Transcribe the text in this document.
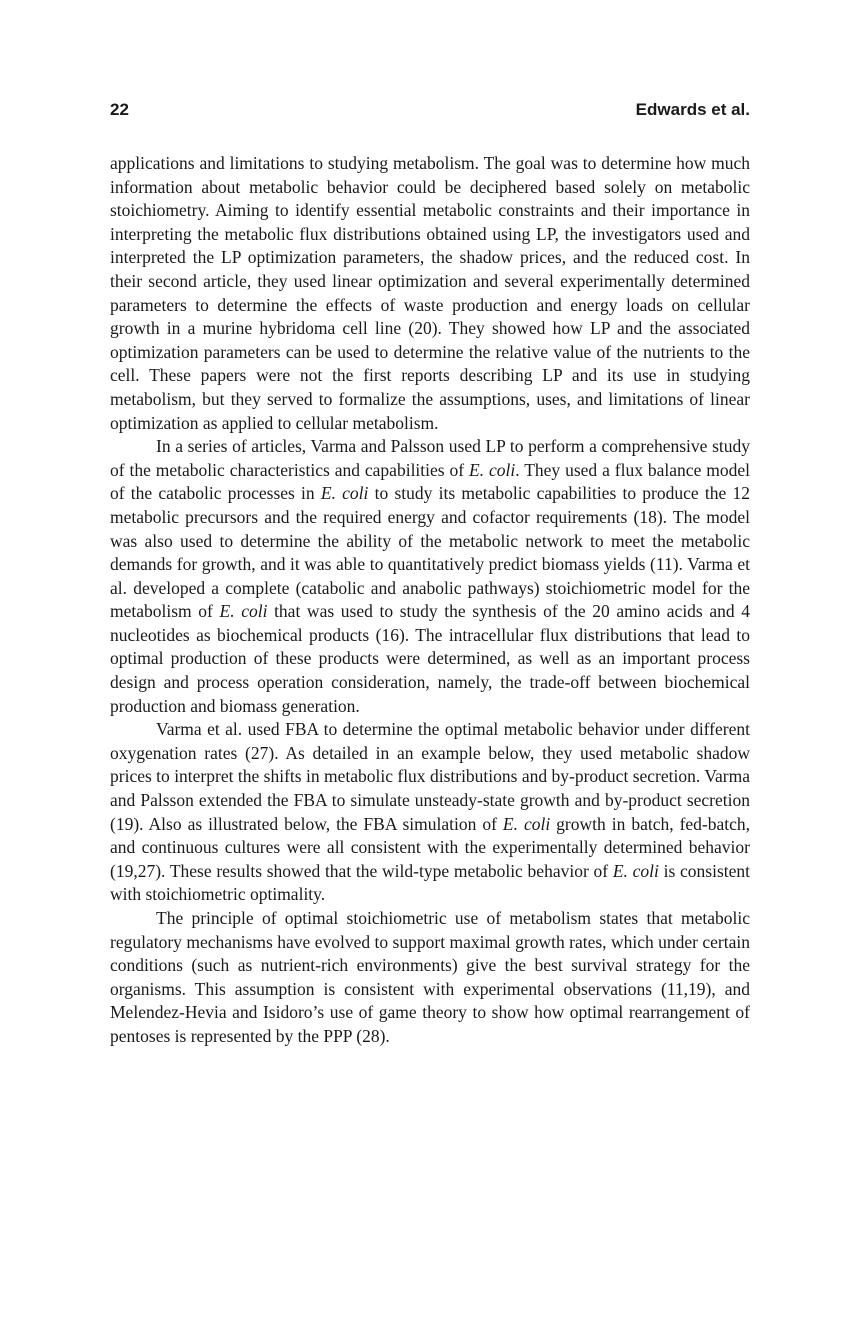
22	Edwards et al.

applications and limitations to studying metabolism. The goal was to determine how much information about metabolic behavior could be deciphered based solely on metabolic stoichiometry. Aiming to identify essential metabolic constraints and their importance in interpreting the metabolic flux distributions obtained using LP, the investigators used and interpreted the LP optimization parameters, the shadow prices, and the reduced cost. In their second article, they used linear optimization and several experimentally determined parameters to determine the effects of waste production and energy loads on cellular growth in a murine hybridoma cell line (20). They showed how LP and the associated optimization parameters can be used to determine the relative value of the nutrients to the cell. These papers were not the first reports describing LP and its use in studying metabolism, but they served to formalize the assumptions, uses, and limitations of linear optimization as applied to cellular metabolism.

In a series of articles, Varma and Palsson used LP to perform a comprehensive study of the metabolic characteristics and capabilities of E. coli. They used a flux balance model of the catabolic processes in E. coli to study its metabolic capabilities to produce the 12 metabolic precursors and the required energy and cofactor requirements (18). The model was also used to determine the ability of the metabolic network to meet the metabolic demands for growth, and it was able to quantitatively predict biomass yields (11). Varma et al. developed a complete (catabolic and anabolic pathways) stoichiometric model for the metabolism of E. coli that was used to study the synthesis of the 20 amino acids and 4 nucleotides as biochemical products (16). The intracellular flux distributions that lead to optimal production of these products were determined, as well as an important process design and process operation consideration, namely, the trade-off between biochemical production and biomass generation.

Varma et al. used FBA to determine the optimal metabolic behavior under different oxygenation rates (27). As detailed in an example below, they used metabolic shadow prices to interpret the shifts in metabolic flux distributions and by-product secretion. Varma and Palsson extended the FBA to simulate unsteady-state growth and by-product secretion (19). Also as illustrated below, the FBA simulation of E. coli growth in batch, fed-batch, and continuous cultures were all consistent with the experimentally determined behavior (19,27). These results showed that the wild-type metabolic behavior of E. coli is consistent with stoichiometric optimality.

The principle of optimal stoichiometric use of metabolism states that metabolic regulatory mechanisms have evolved to support maximal growth rates, which under certain conditions (such as nutrient-rich environments) give the best survival strategy for the organisms. This assumption is consistent with experimental observations (11,19), and Melendez-Hevia and Isidoro’s use of game theory to show how optimal rearrangement of pentoses is represented by the PPP (28).
